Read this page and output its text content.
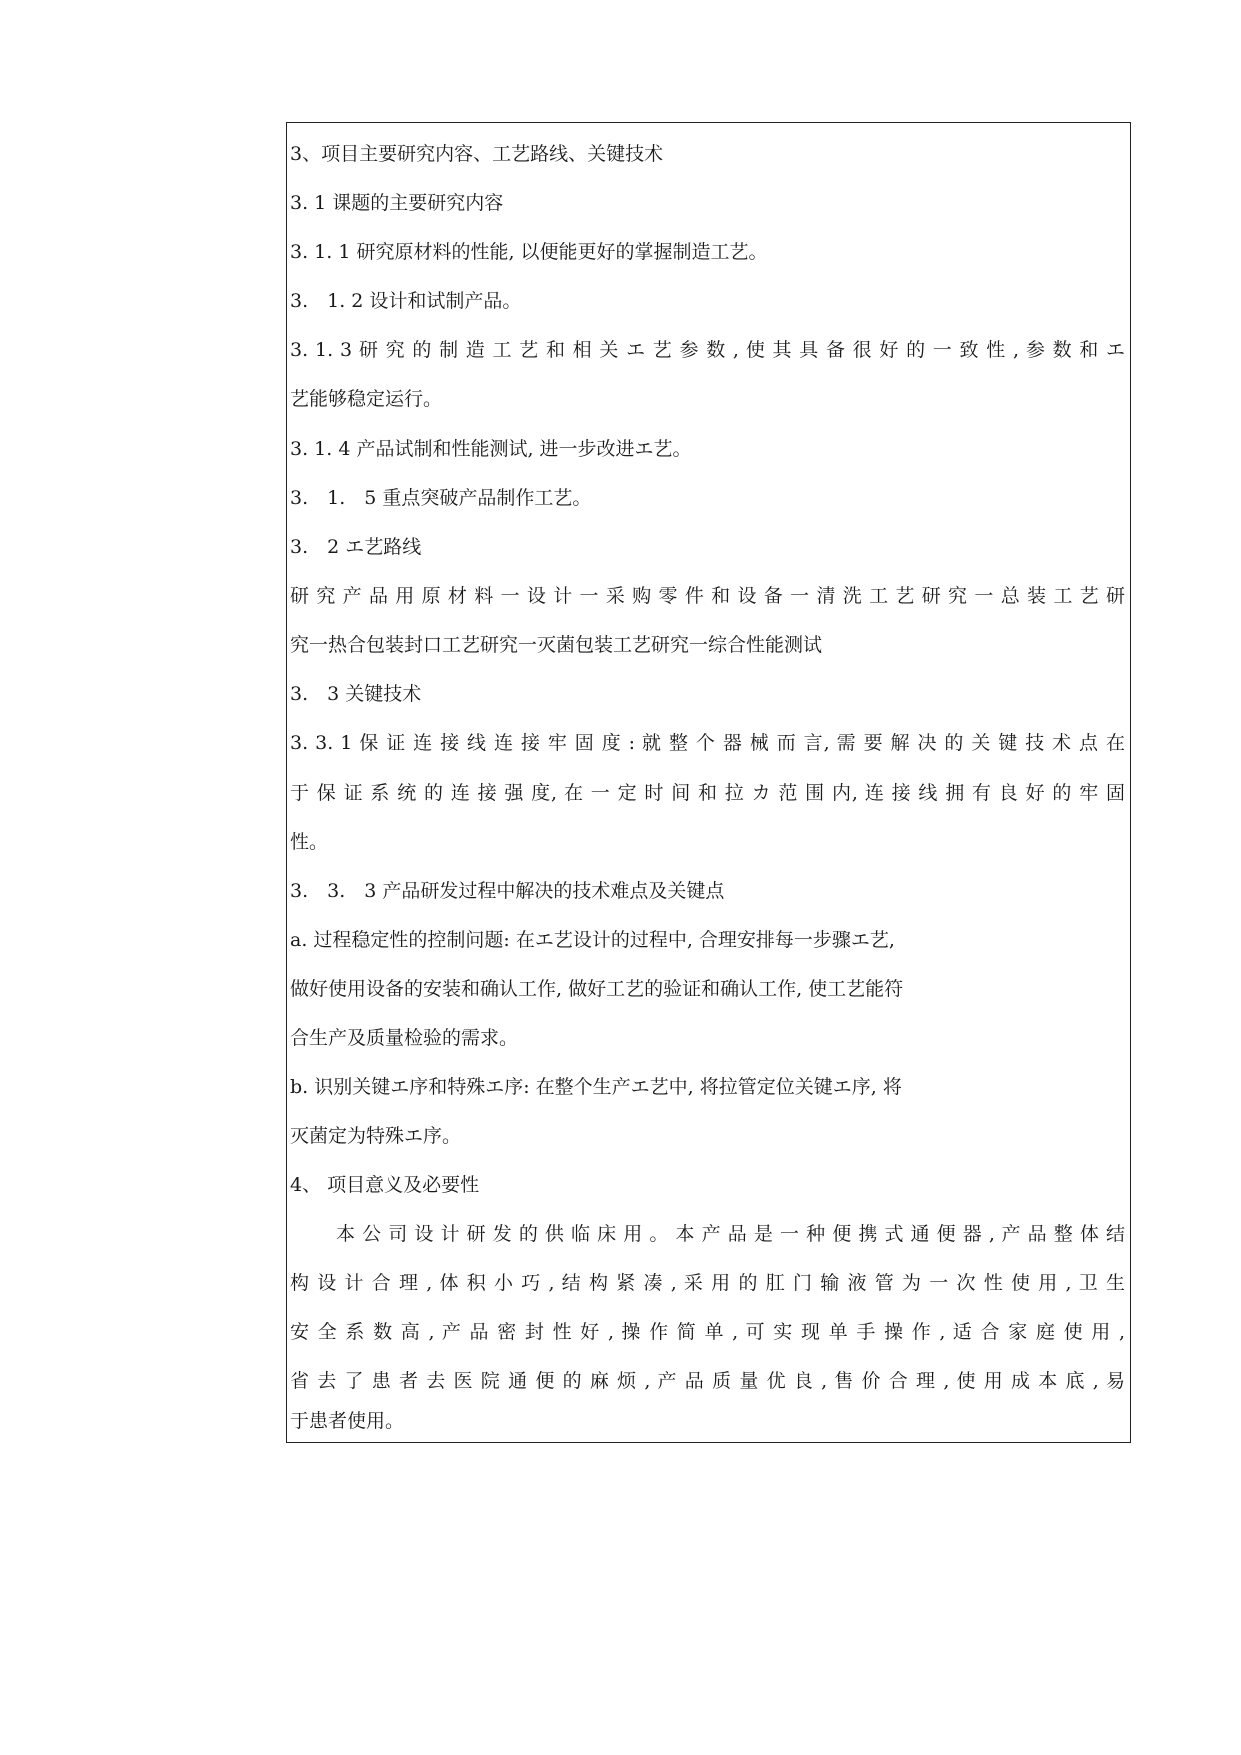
3、项目主要研究内容、工艺路线、关键技术
3. 1 课题的主要研究内容
3. 1. 1 研究原材料的性能, 以便能更好的掌握制造工艺。
3.　1. 2 设计和试制产品。
3. 1. 3 研 究 的 制 造 工 艺 和 相 关 エ 艺 参 数 , 使 其 具 备 很 好 的 一 致 性 , 参 数 和 エ
艺能够稳定运行。
3. 1. 4 产品试制和性能测试, 进一步改进エ艺。
3.　1.　5 重点突破产品制作工艺。
3.　2 エ艺路线
研 究 产 品 用 原 材 料 一 设 计 一 采 购 零 件 和 设 备 一 清 洗 工 艺 研 究 一 总 装 工 艺 研
究一热合包装封口工艺研究一灭菌包装工艺研究一综合性能测试
3.　3 关键技术
3. 3. 1 保 证 连 接 线 连 接 牢 固 度 : 就 整 个 器 械 而 言, 需 要 解 决 的 关 键 技 术 点 在
于 保 证 系 统 的 连 接 强 度, 在 一 定 时 间 和 拉 カ 范 围 内, 连 接 线 拥 有 良 好 的 牢 固
性。
3.　3.　3 产品研发过程中解决的技术难点及关键点
a. 过程稳定性的控制问题: 在エ艺设计的过程中, 合理安排每一步骤エ艺,
做好使用设备的安装和确认工作, 做好工艺的验证和确认工作, 使工艺能符
合生产及质量检验的需求。
b. 识别关键エ序和特殊エ序: 在整个生产エ艺中, 将拉管定位关键エ序, 将
灭菌定为特殊エ序。
4、 项目意义及必要性
本 公 司 设 计 研 发 的 供 临 床 用 。 本 产 品 是 一 种 便 携 式 通 便 器 , 产 品 整 体 结
构 设 计 合 理 , 体 积 小 巧 , 结 构 紧 凑 , 采 用 的 肛 门 输 液 管 为 一 次 性 使 用 , 卫 生
安 全 系 数 高 , 产 品 密 封 性 好 , 操 作 简 单 , 可 实 现 单 手 操 作 , 适 合 家 庭 使 用 ,
省 去 了 患 者 去 医 院 通 便 的 麻 烦 , 产 品 质 量 优 良 , 售 价 合 理 , 使 用 成 本 底 , 易
于患者使用。
